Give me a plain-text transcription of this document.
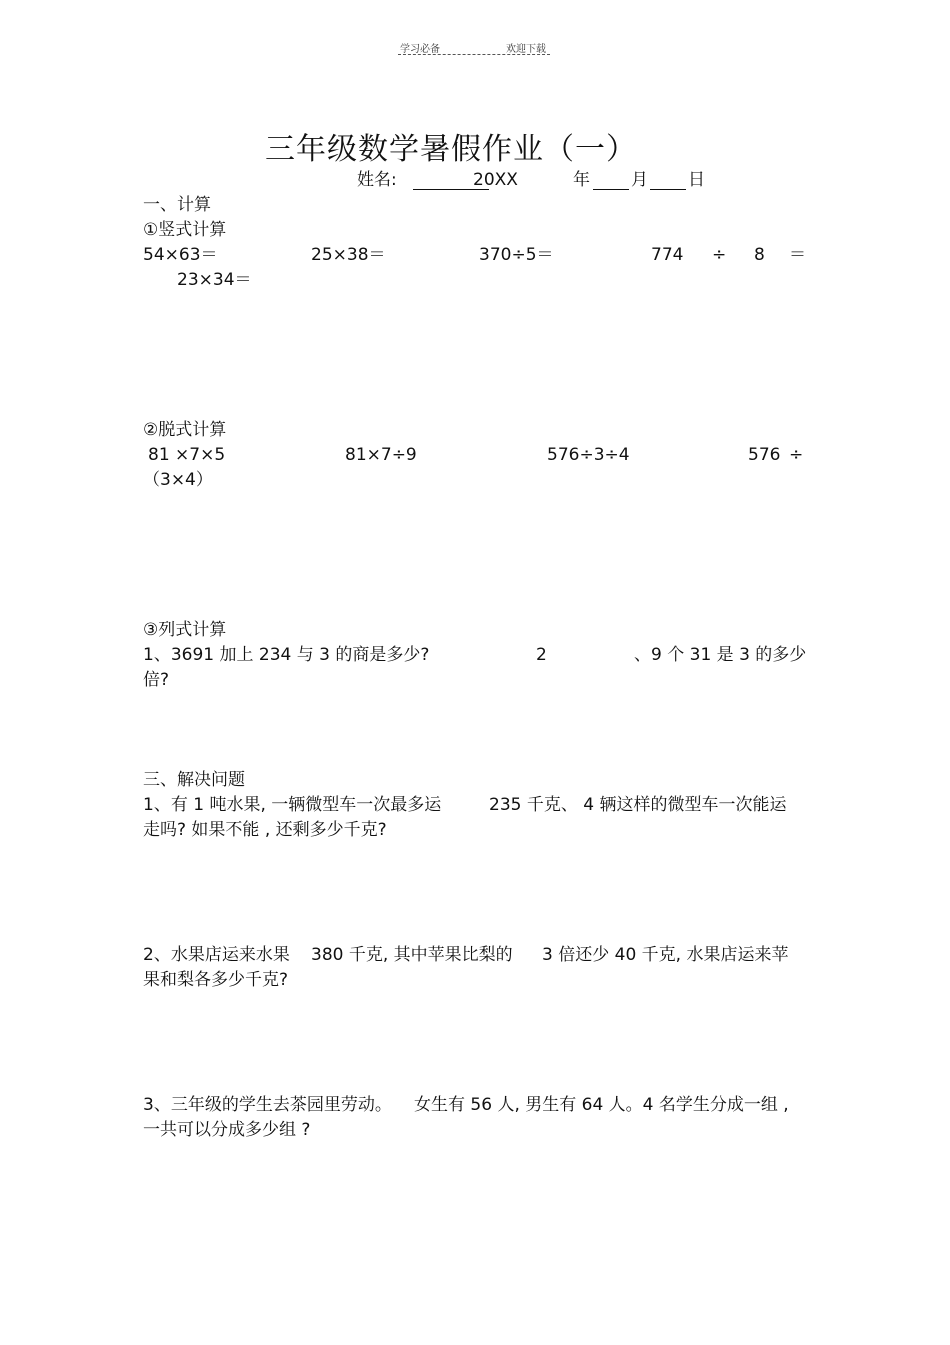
学习必备	欢迎下载
三年级数学暑假作业（一）
姓名:	20XX	年 月 日
一、计算
①竖式计算
54×63＝	25×38＝	370÷5＝	774 ÷ 8 ＝
23×34＝
②脱式计算
81 ×7×5	81×7÷9	576÷3÷4	576 ÷
（3×4）
③列式计算
1、3691 加上 234 与 3 的商是多少?	2	、9 个 31 是 3 的多少
倍?
三、解决问题
1、有 1 吨水果, 一辆微型车一次最多运	235 千克、 4 辆这样的微型车一次能运
走吗? 如果不能 , 还剩多少千克?
2、水果店运来水果 380 千克, 其中苹果比梨的 3 倍还少 40 千克, 水果店运来苹
果和梨各多少千克?
3、三年级的学生去茶园里劳动。 女生有 56 人, 男生有 64 人。4 名学生分成一组 ,
一共可以分成多少组 ?
